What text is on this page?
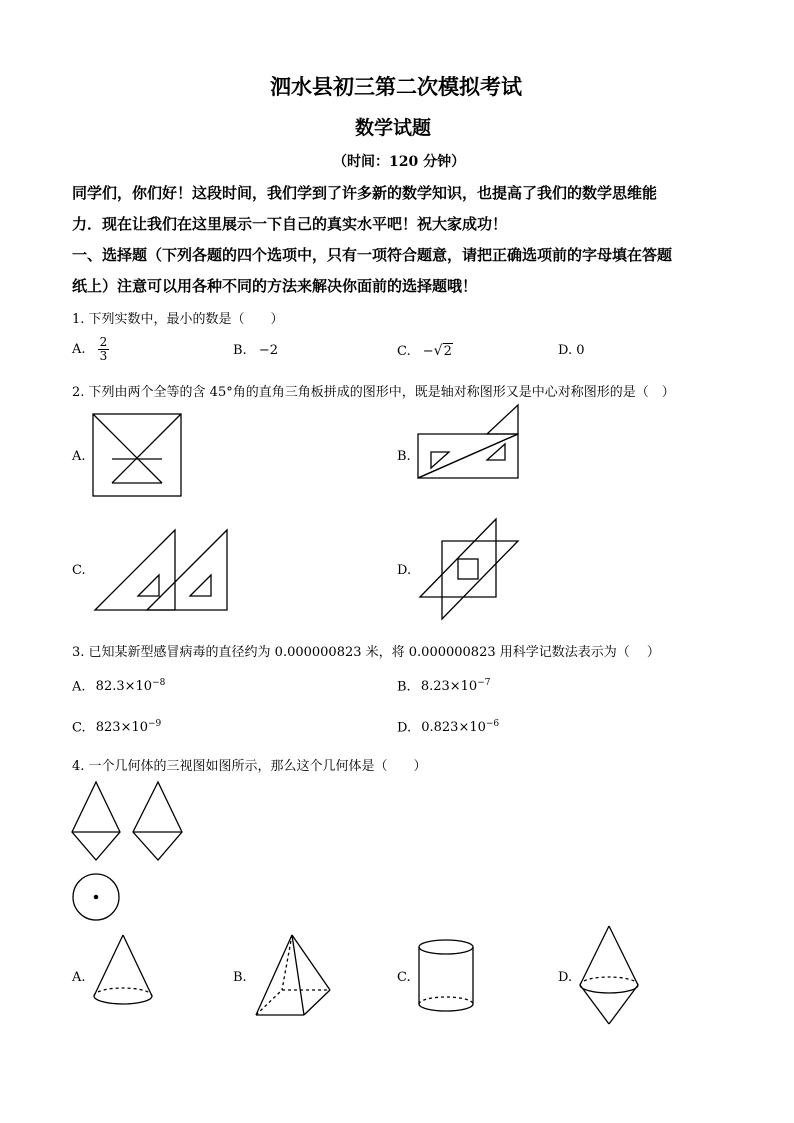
泗水县初三第二次模拟考试
数学试题
（时间：120 分钟）
同学们，你们好！这段时间，我们学到了许多新的数学知识，也提高了我们的数学思维能
力．现在让我们在这里展示一下自己的真实水平吧！祝大家成功！
一、选择题（下列各题的四个选项中，只有一项符合题意，请把正确选项前的字母填在答题
纸上）注意可以用各种不同的方法来解决你面前的选择题哦！
1. 下列实数中，最小的数是（　　）
A. $\frac{2}{3}$	B. −2	C. −√2	D. 0
2. 下列由两个全等的含 45°角的直角三角板拼成的图形中，既是轴对称图形又是中心对称图形的是（　）
A.	B.
C.	D.
3. 已知某新型感冒病毒的直径约为 0.000000823 米，将 0.000000823 用科学记数法表示为（　 ）
A. $82.3\times 10^{-8}$	B. $8.23\times 10^{-7}$
C. $823\times 10^{-9}$	D. $0.823\times 10^{-6}$
4. 一个几何体的三视图如图所示，那么这个几何体是（　　）
A.	B.	C.	D.
